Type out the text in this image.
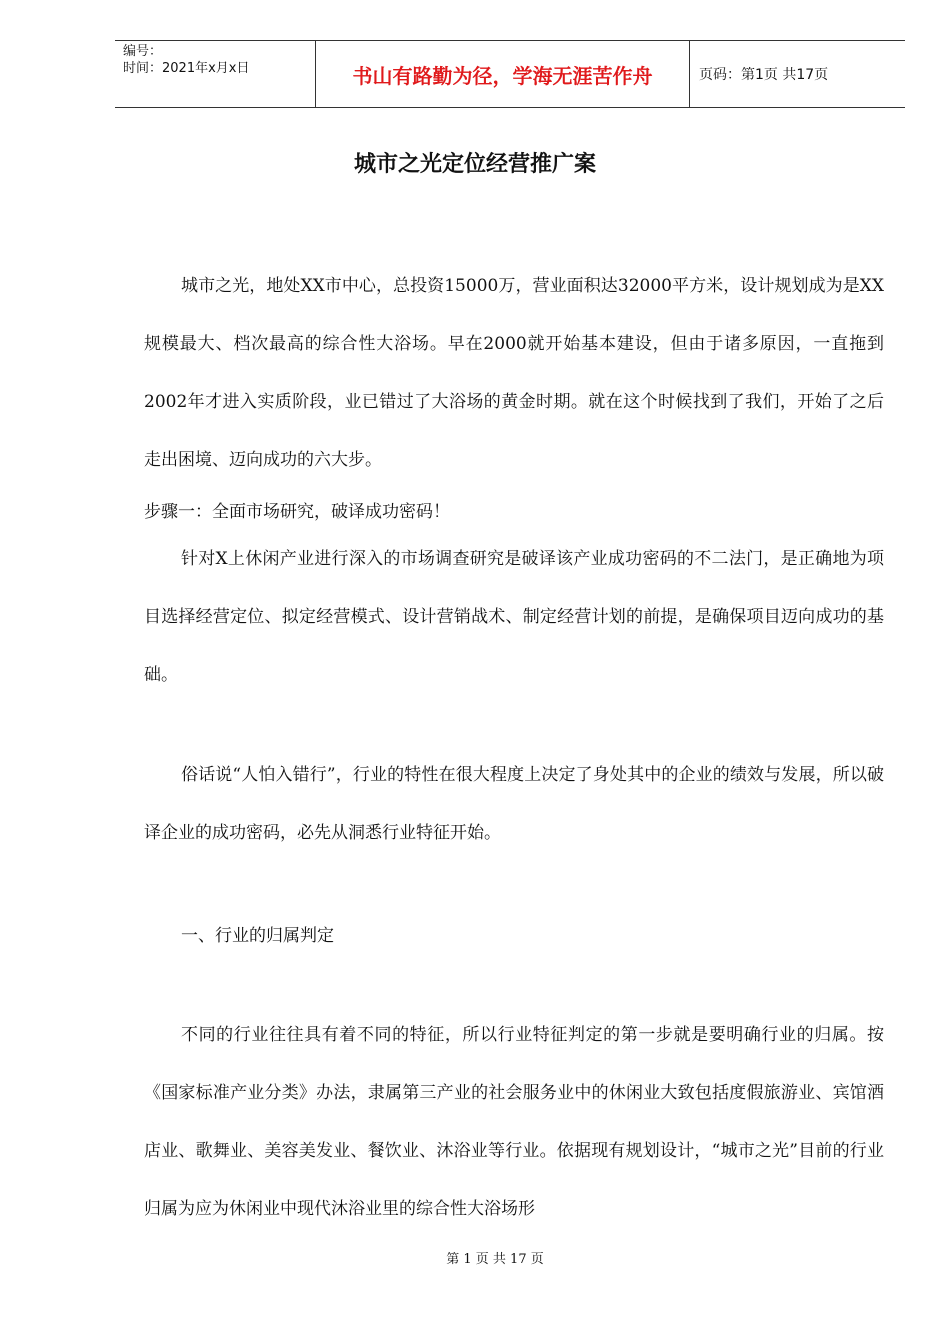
编号：
时间：2021年x月x日	书山有路勤为径，学海无涯苦作舟	页码：第1页 共17页
城市之光定位经营推广案

城市之光，地处XX市中心，总投资15000万，营业面积达32000平方米，设计规划成为是XX规模最大、档次最高的综合性大浴场。早在2000就开始基本建设，但由于诸多原因，一直拖到2002年才进入实质阶段，业已错过了大浴场的黄金时期。就在这个时候找到了我们，开始了之后走出困境、迈向成功的六大步。

步骤一：全面市场研究，破译成功密码！

针对X上休闲产业进行深入的市场调查研究是破译该产业成功密码的不二法门，是正确地为项目选择经营定位、拟定经营模式、设计营销战术、制定经营计划的前提，是确保项目迈向成功的基础。

俗话说“人怕入错行”，行业的特性在很大程度上决定了身处其中的企业的绩效与发展，所以破译企业的成功密码，必先从洞悉行业特征开始。

一、行业的归属判定

不同的行业往往具有着不同的特征，所以行业特征判定的第一步就是要明确行业的归属。按《国家标准产业分类》办法，隶属第三产业的社会服务业中的休闲业大致包括度假旅游业、宾馆酒店业、歌舞业、美容美发业、餐饮业、沐浴业等行业。依据现有规划设计，“城市之光”目前的行业归属为应为休闲业中现代沐浴业里的综合性大浴场形

第 1 页 共 17 页
